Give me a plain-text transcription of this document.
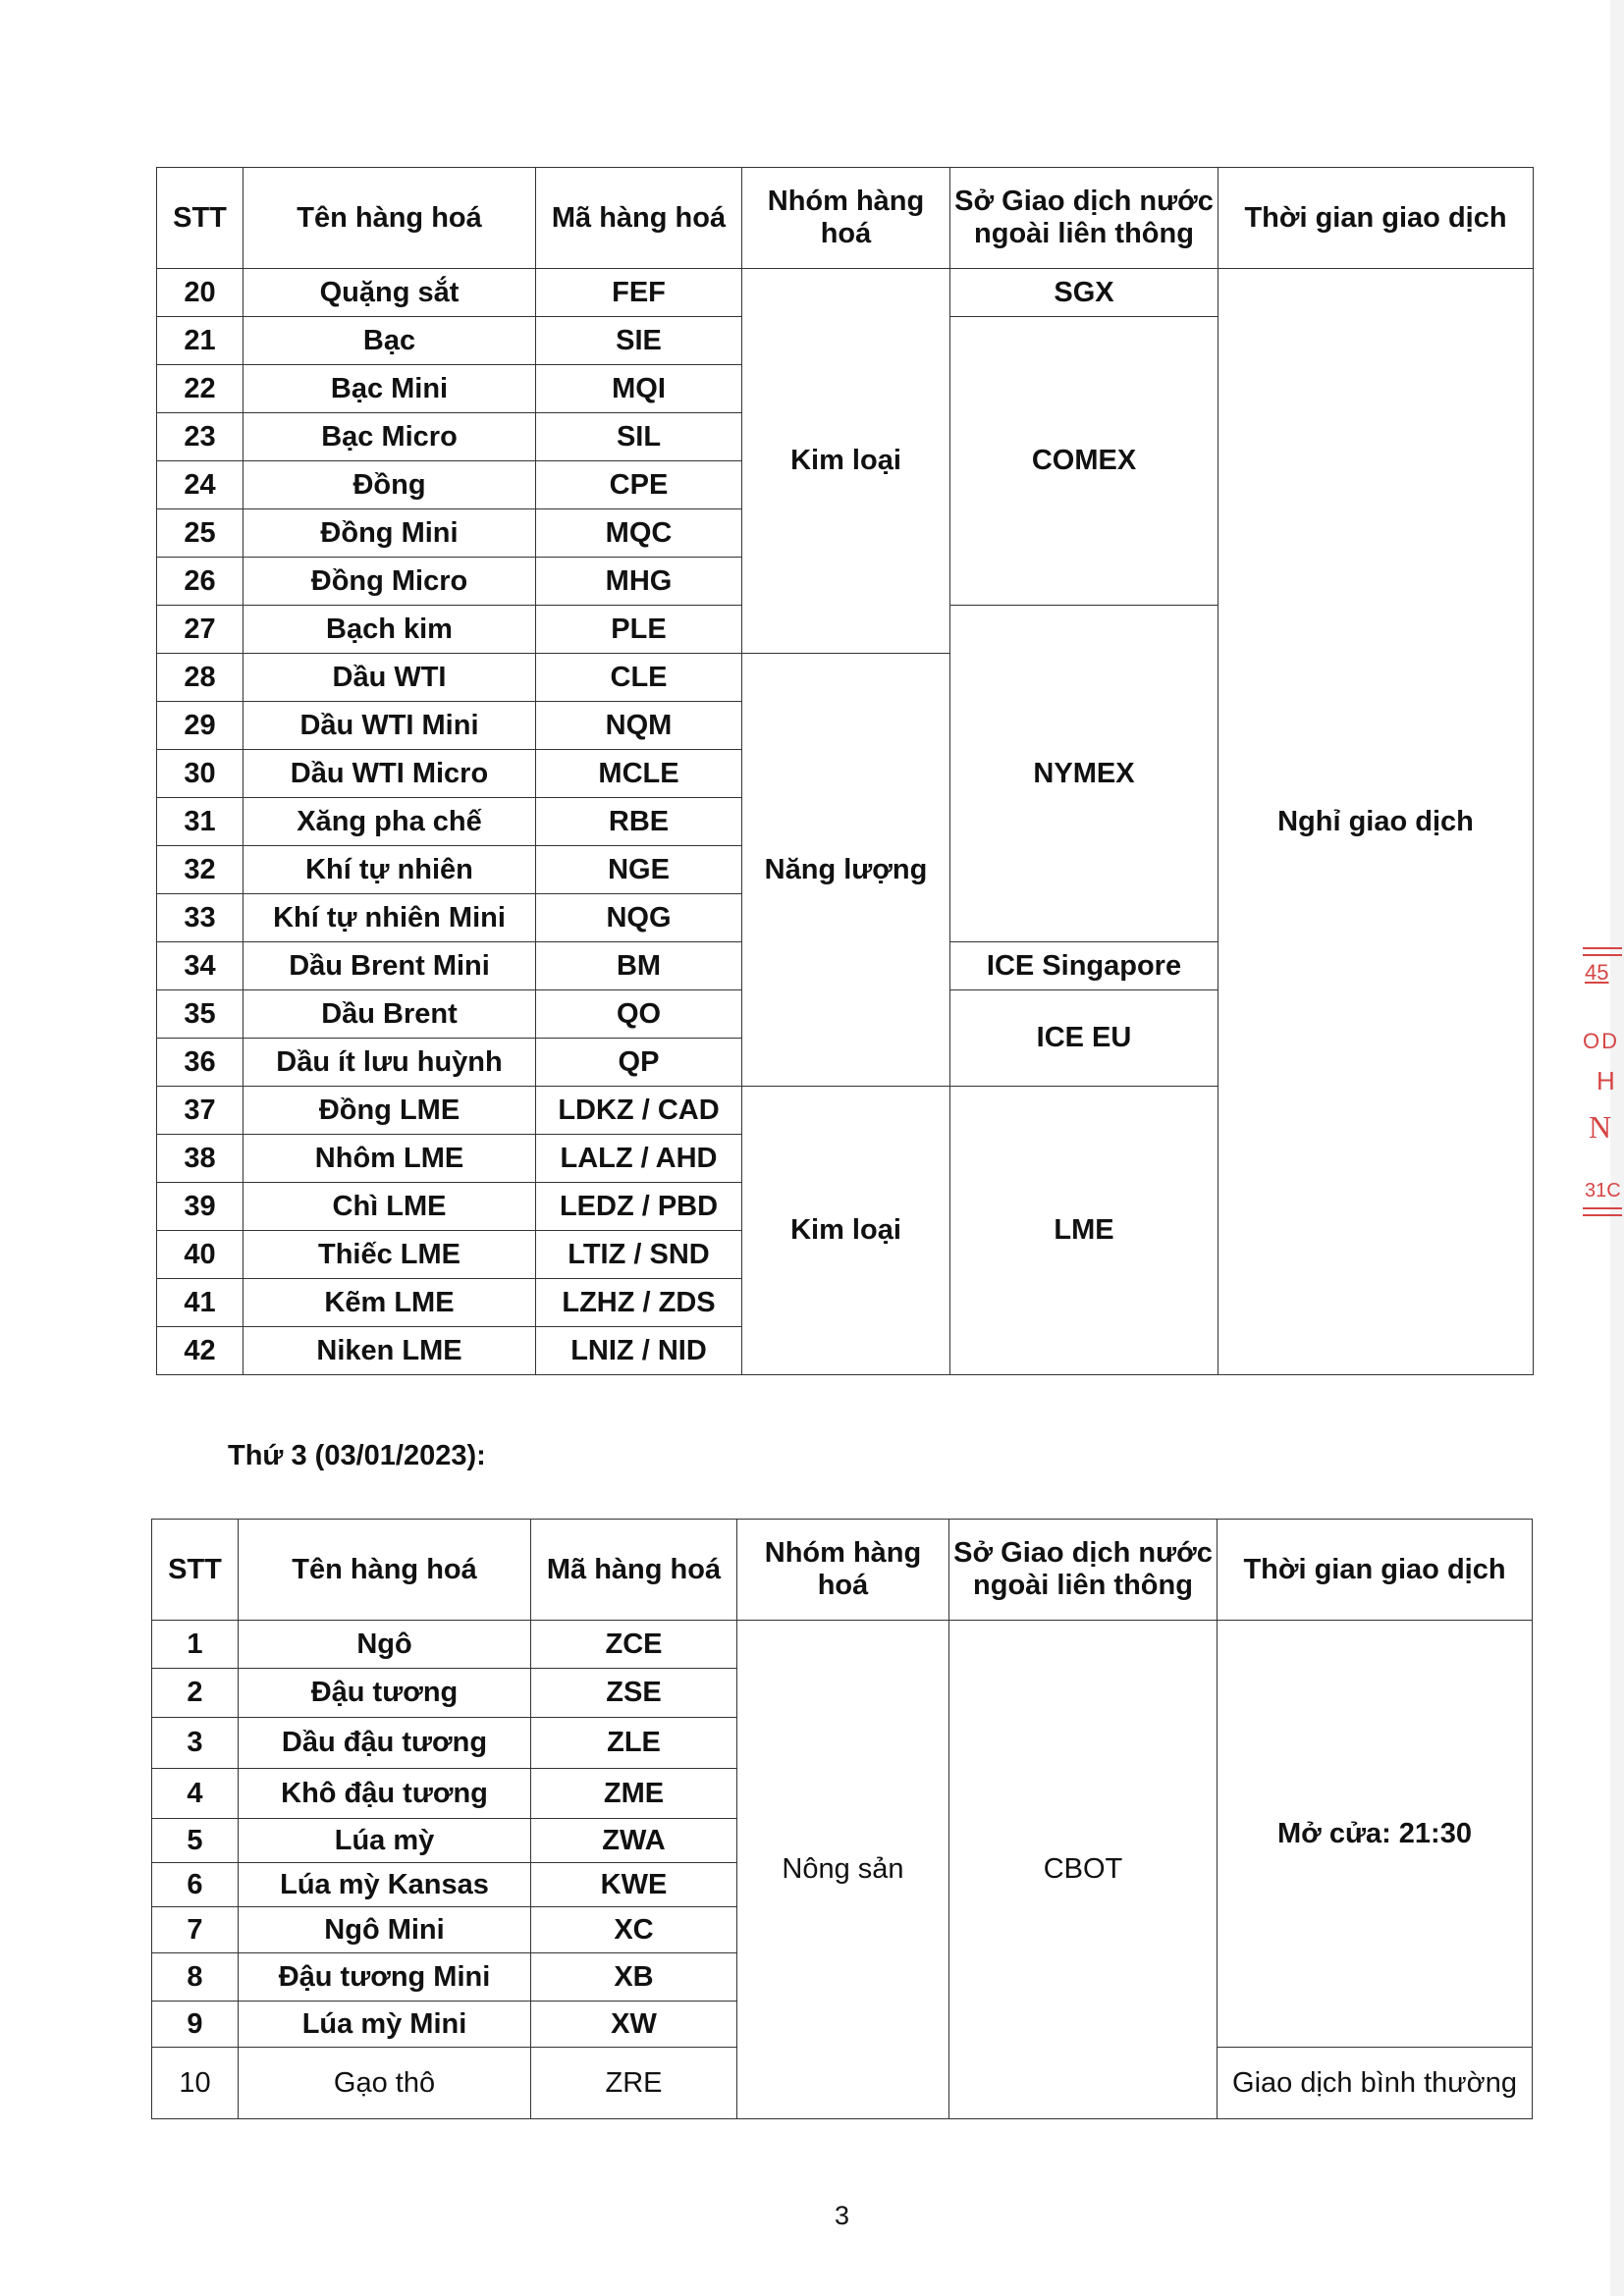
STT	Tên hàng hoá	Mã hàng hoá	Nhóm hàng hoá	Sở Giao dịch nước ngoài liên thông	Thời gian giao dịch
20	Quặng sắt	FEF	Kim loại	SGX	Nghỉ giao dịch
21	Bạc	SIE		COMEX	
22	Bạc Mini	MQI			
23	Bạc Micro	SIL			
24	Đồng	CPE			
25	Đồng Mini	MQC			
26	Đồng Micro	MHG			
27	Bạch kim	PLE		NYMEX	
28	Dầu WTI	CLE	Năng lượng		
29	Dầu WTI Mini	NQM			
30	Dầu WTI Micro	MCLE			
31	Xăng pha chế	RBE			
32	Khí tự nhiên	NGE			
33	Khí tự nhiên Mini	NQG			
34	Dầu Brent Mini	BM		ICE Singapore	
35	Dầu Brent	QO		ICE EU	
36	Dầu ít lưu huỳnh	QP			
37	Đồng LME	LDKZ / CAD	Kim loại	LME	
38	Nhôm LME	LALZ / AHD			
39	Chì LME	LEDZ / PBD			
40	Thiếc LME	LTIZ / SND			
41	Kẽm LME	LZHZ / ZDS			
42	Niken LME	LNIZ / NID			
Thứ 3 (03/01/2023):
STT	Tên hàng hoá	Mã hàng hoá	Nhóm hàng hoá	Sở Giao dịch nước ngoài liên thông	Thời gian giao dịch
1	Ngô	ZCE	Nông sản	CBOT	Mở cửa: 21:30
2	Đậu tương	ZSE			
3	Dầu đậu tương	ZLE			
4	Khô đậu tương	ZME			
5	Lúa mỳ	ZWA			
6	Lúa mỳ Kansas	KWE			
7	Ngô Mini	XC			
8	Đậu tương Mini	XB			
9	Lúa mỳ Mini	XW			
10	Gạo thô	ZRE			Giao dịch bình thường
3
45
OD
H
N
31C
